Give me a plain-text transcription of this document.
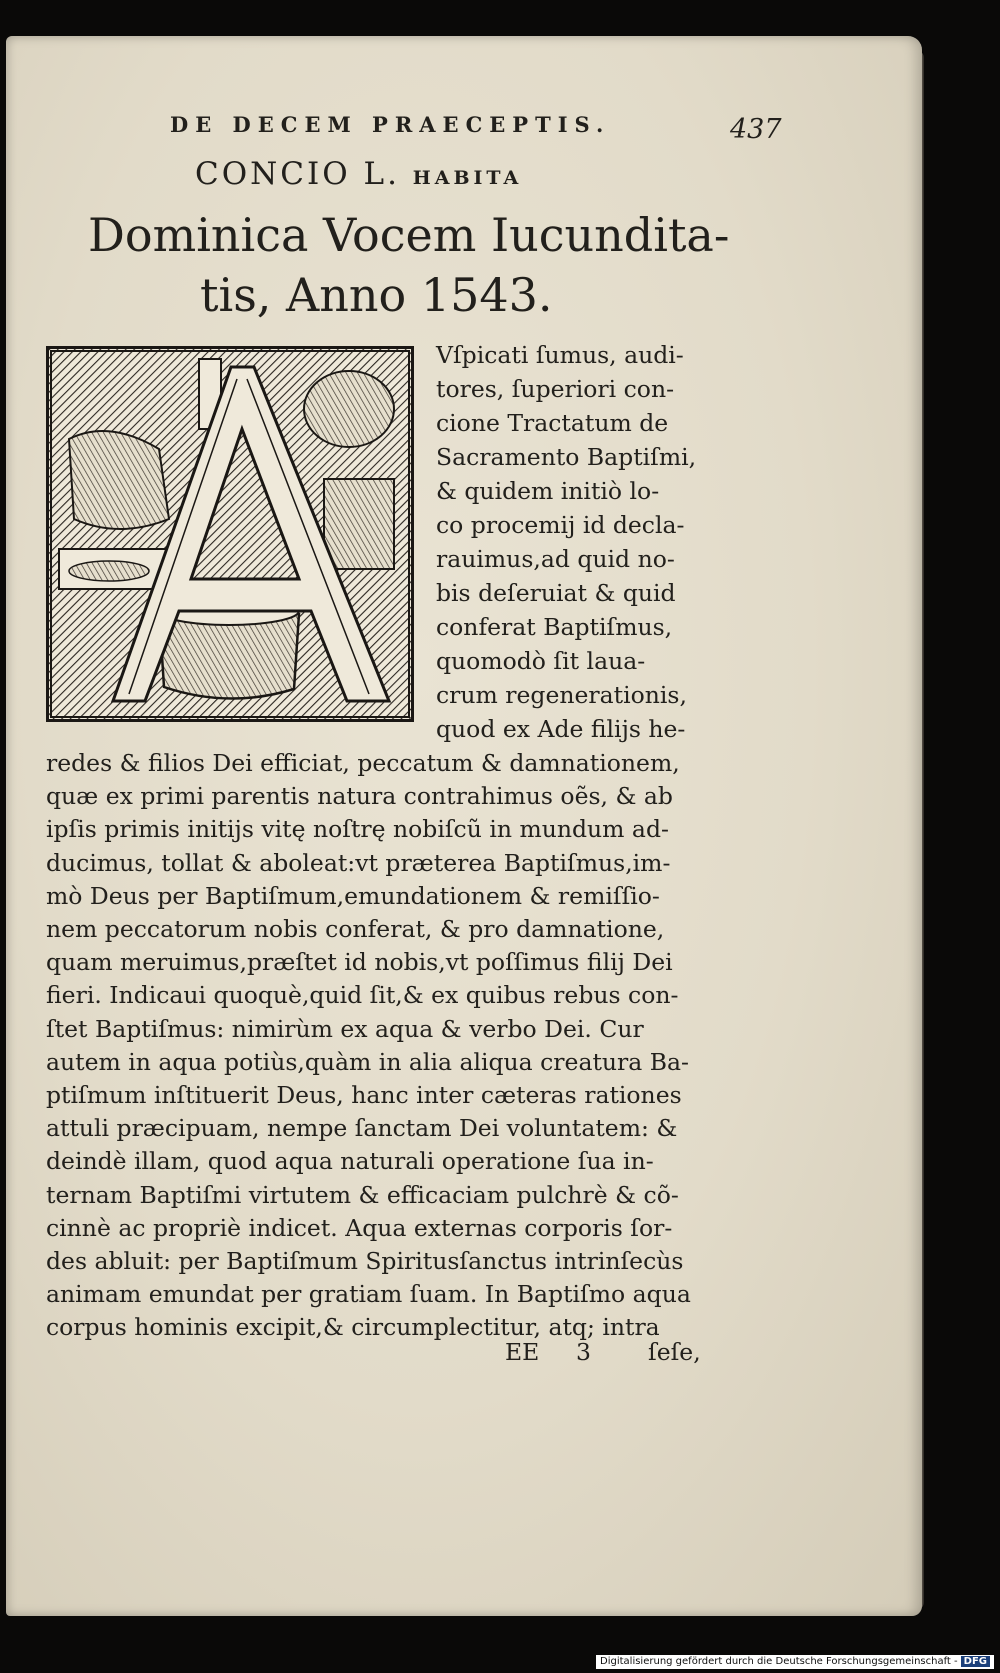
DE DECEM PRAECEPTIS.	437
CONCIO L. HABITA
Dominica Vocem Iucundita-
tis, Anno 1543.
Vſpicati ſumus, audi-
tores, ſuperiori con-
cione Tractatum de
Sacramento Baptiſmi,
& quidem initiò lo-
co procemij id decla-
rauimus,ad quid no-
bis deſeruiat & quid
conferat Baptiſmus,
quomodò ſit laua-
crum regenerationis,
quod ex Ade filijs he-
redes & filios Dei efficiat, peccatum & damnationem,
quæ ex primi parentis natura contrahimus oẽs, & ab
ipſis primis initijs vitę noſtrę nobiſcũ in mundum ad-
ducimus, tollat & aboleat:vt præterea Baptiſmus,im-
mò Deus per Baptiſmum,emundationem & remiſſio-
nem peccatorum nobis conferat, & pro damnatione,
quam meruimus,præſtet id nobis,vt poſſimus filij Dei
fieri. Indicaui quoquè,quid ſit,& ex quibus rebus con-
ſtet Baptiſmus: nimirùm ex aqua & verbo Dei. Cur
autem in aqua potiùs,quàm in alia aliqua creatura Ba-
ptiſmum inſtituerit Deus, hanc inter cæteras rationes
attuli præcipuam, nempe ſanctam Dei voluntatem: &
deindè illam, quod aqua naturali operatione ſua in-
ternam Baptiſmi virtutem & efficaciam pulchrè & cõ-
cinnè ac propriè indicet. Aqua externas corporis ſor-
des abluit: per Baptiſmum Spiritusſanctus intrinſecùs
animam emundat per gratiam ſuam. In Baptiſmo aqua
corpus hominis excipit,& circumplectitur, atq; intra
EE 3 ſeſe,
Digitalisierung gefördert durch die Deutsche Forschungsgemeinschaft - DFG
